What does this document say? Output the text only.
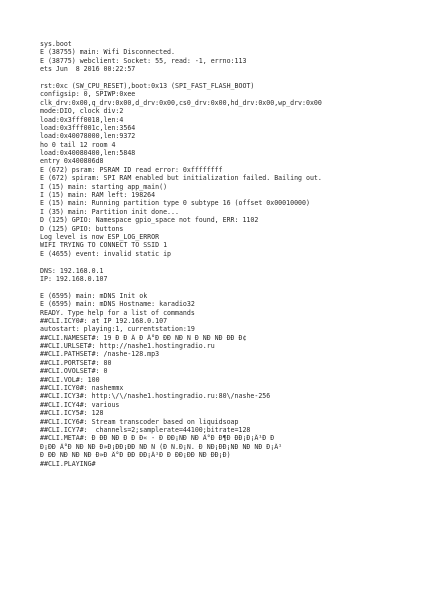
sys.boot
E (38755) main: Wifi Disconnected.
E (38775) webclient: Socket: 55, read: -1, errno:113
ets Jun  8 2016 00:22:57
rst:0xc (SW_CPU_RESET),boot:0x13 (SPI_FAST_FLASH_BOOT)
configsip: 0, SPIWP:0xee
clk_drv:0x00,q_drv:0x00,d_drv:0x00,cs0_drv:0x00,hd_drv:0x00,wp_drv:0x00
mode:DIO, clock div:2
load:0x3fff0018,len:4
load:0x3fff001c,len:3564
load:0x40078000,len:9372
ho 0 tail 12 room 4
load:0x40080400,len:5848
entry 0x400806d8
E (672) psram: PSRAM ID read error: 0xffffffff
E (672) spiram: SPI RAM enabled but initialization failed. Bailing out.
I (15) main: starting app_main()
I (15) main: RAM left: 198264
E (15) main: Running partition type 0 subtype 16 (offset 0x00010000)
I (35) main: Partition init done...
D (125) GPIO: Namespace gpio_space not found, ERR: 1102
D (125) GPIO: buttons
Log level is now ESP_LOG_ERROR
WIFI TRYING TO CONNECT TO SSID 1
E (4655) event: invalid static ip
DNS: 192.168.0.1
IP: 192.168.0.107
E (6595) main: mDNS Init ok
E (6595) main: mDNS Hostname: karadio32
READY. Type help for a list of commands
##CLI.ICY0#: at IP 192.168.0.107
autostart: playing:1, currentstation:19
##CLI.NAMESET#: 19 Ð Ð Â Ð Â°Ð ÐÐ ÑÐ Ñ Ð ÑÐ ÑÐ ÐÐ Ð¢
##CLI.URLSET#: http://nashe1.hostingradio.ru
##CLI.PATHSET#: /nashe-128.mp3
##CLI.PORTSET#: 80
##CLI.OVOLSET#: 0
##CLI.VOL#: 100
##CLI.ICY0#: nashemmx
##CLI.ICY3#: http:\/\/nashe1.hostingradio.ru:80\/nashe-256
##CLI.ICY4#: various
##CLI.ICY5#: 128
##CLI.ICY6#: Stream transcoder based on liquidsoap
##CLI.ICY7#:  channels=2;samplerate=44100;bitrate=128
##CLI.META#: Ð ÐÐ ÑÐ Ð Ð Ð« - Ð ÐÐ¡ÑÐ ÑÐ Â°Ð Ð¶Ð ÐÐ¡Ð¡Â¹Ð Ð
Ð¡ÐÐ Â°Ð ÑÐ ÑÐ Ð»Ð¡ÐÐ¡ÐÐ ÑÐ Ñ (Ð Ñ.Ð¡Ñ. Ð ÑÐ¡ÐÐ¡ÑÐ ÑÐ ÑÐ Ð¡Â¹
Ð ÐÐ ÑÐ ÑÐ ÑÐ Ð»Ð Â°Ð ÐÐ ÐÐ¡Â¹Ð Ð ÐÐ¡ÐÐ ÑÐ ÐÐ¡Ð)
##CLI.PLAYING#
